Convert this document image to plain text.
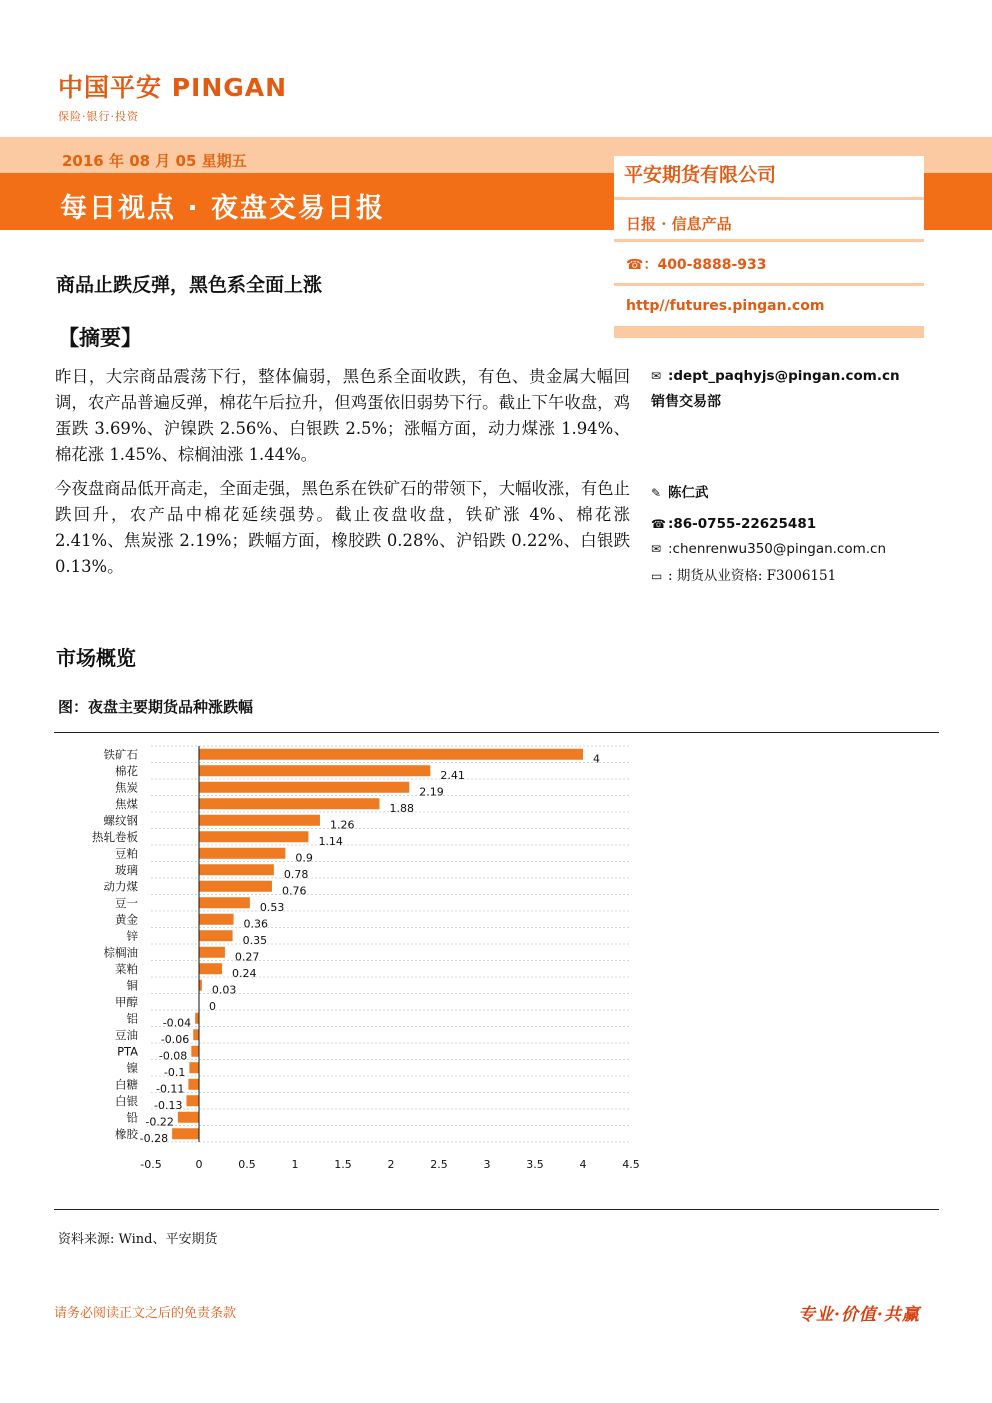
中国平安 PINGAN
保险·银行·投资
2016 年 08 月 05 星期五
每日视点 · 夜盘交易日报
平安期货有限公司
日报 · 信息产品
☎：400-8888-933
http//futures.pingan.com
商品止跌反弹，黑色系全面上涨
【摘要】
昨日，大宗商品震荡下行，整体偏弱，黑色系全面收跌，有色、贵金属大幅回调，农产品普遍反弹，棉花午后拉升，但鸡蛋依旧弱势下行。截止下午收盘，鸡蛋跌 3.69%、沪镍跌 2.56%、白银跌 2.5%；涨幅方面，动力煤涨 1.94%、棉花涨 1.45%、棕榈油涨 1.44%。
今夜盘商品低开高走，全面走强，黑色系在铁矿石的带领下，大幅收涨，有色止跌回升，农产品中棉花延续强势。截止夜盘收盘，铁矿涨 4%、棉花涨 2.41%、焦炭涨 2.19%；跌幅方面，橡胶跌 0.28%、沪铅跌 0.22%、白银跌 0.13%。
✉ :dept_paqhyjs@pingan.com.cn
销售交易部
✎ 陈仁武
☎ :86-0755-22625481
✉ :chenrenwu350@pingan.com.cn
▭ : 期货从业资格: F3006151
市场概览
图：夜盘主要期货品种涨跌幅
铁矿石	4
棉花	2.41
焦炭	2.19
焦煤	1.88
螺纹钢	1.26
热轧卷板	1.14
豆粕	0.9
玻璃	0.78
动力煤	0.76
豆一	0.53
黄金	0.36
锌	0.35
棕榈油	0.27
菜粕	0.24
铜	0.03
甲醇	0
铝 -0.04
豆油 -0.06
PTA -0.08
镍 -0.1
白糖 -0.11
白银 -0.13
铅 -0.22
橡胶 -0.28
-0.5	0	0.5	1	1.5	2	2.5	3	3.5	4	4.5
资料来源: Wind、平安期货
请务必阅读正文之后的免责条款	专业·价值·共赢
